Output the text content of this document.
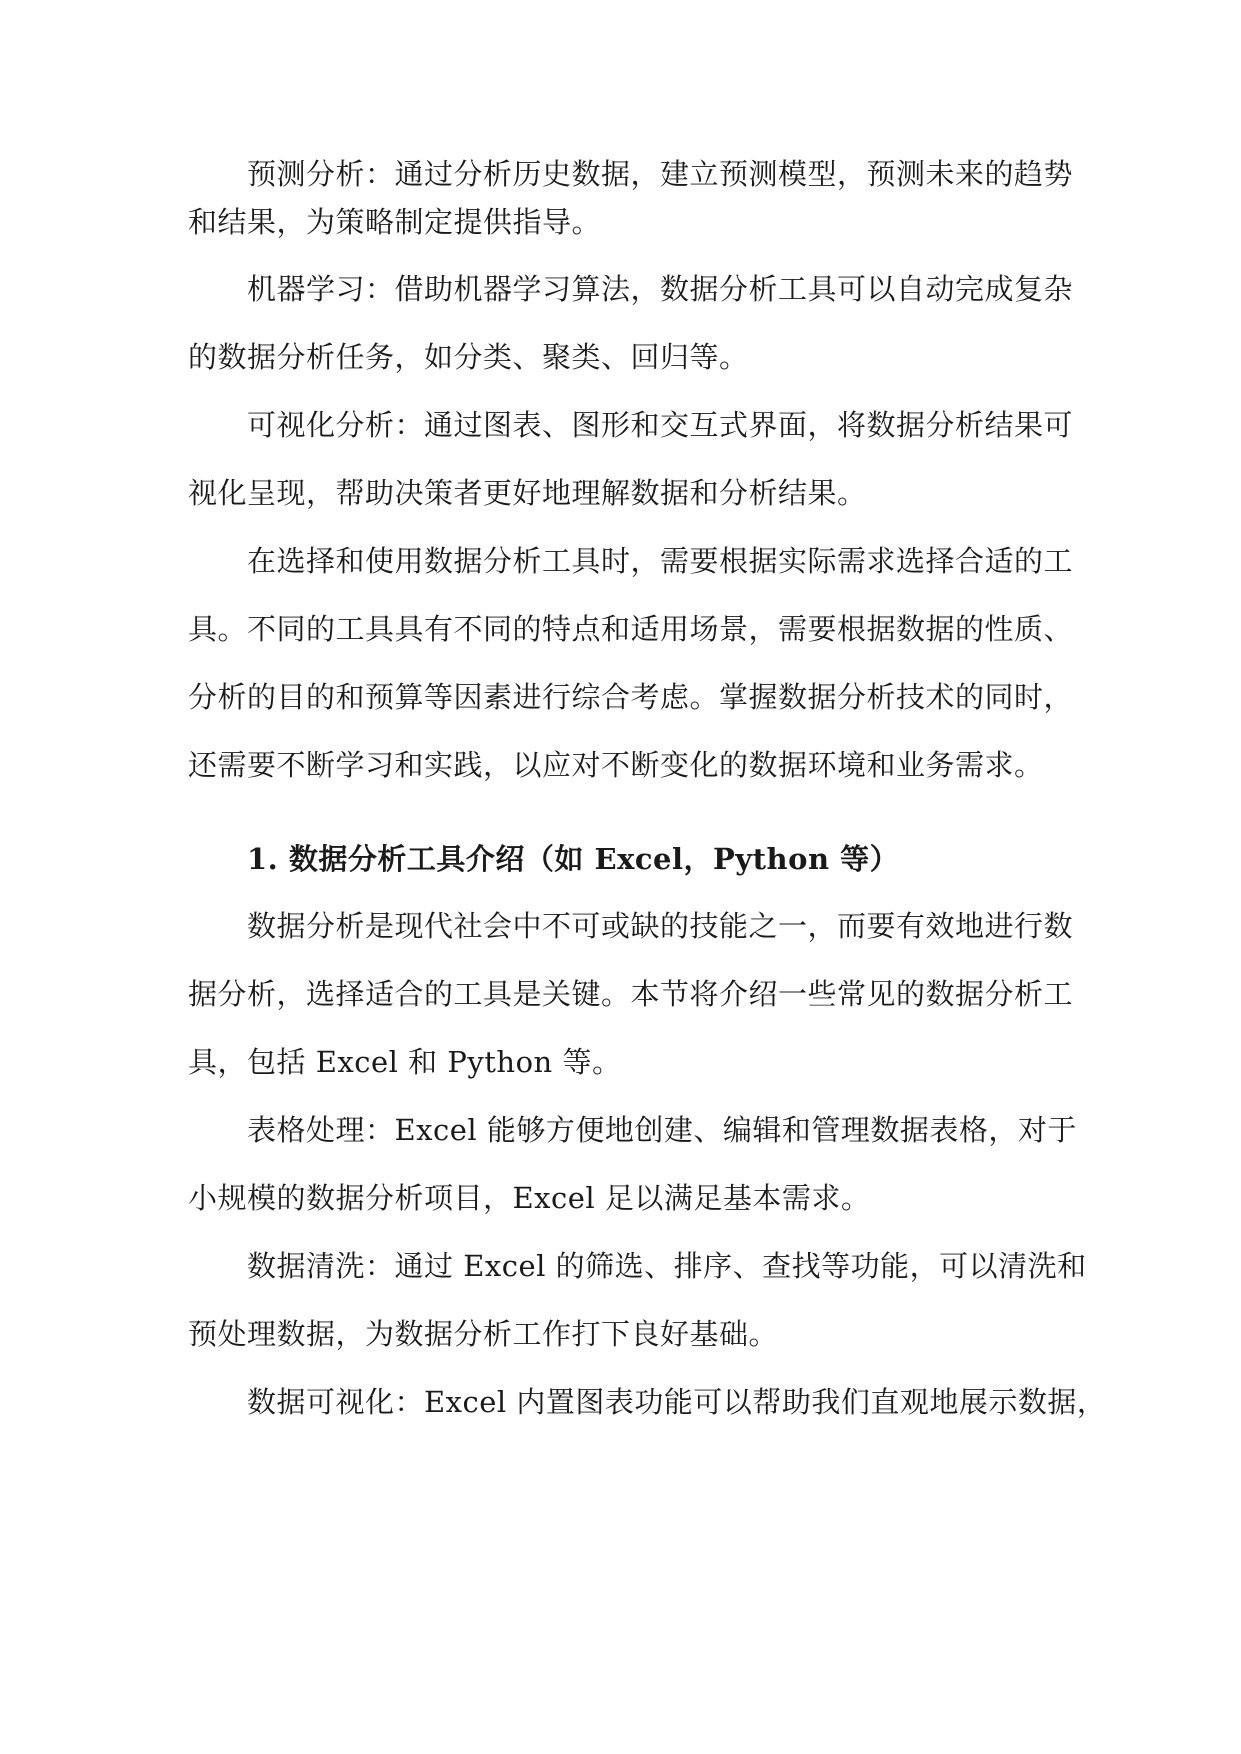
预测分析：通过分析历史数据，建立预测模型，预测未来的趋势
和结果，为策略制定提供指导。
机器学习：借助机器学习算法，数据分析工具可以自动完成复杂
的数据分析任务，如分类、聚类、回归等。
可视化分析：通过图表、图形和交互式界面，将数据分析结果可
视化呈现，帮助决策者更好地理解数据和分析结果。
在选择和使用数据分析工具时，需要根据实际需求选择合适的工
具。不同的工具具有不同的特点和适用场景，需要根据数据的性质、
分析的目的和预算等因素进行综合考虑。掌握数据分析技术的同时，
还需要不断学习和实践，以应对不断变化的数据环境和业务需求。
1. 数据分析工具介绍（如 Excel，Python 等）
数据分析是现代社会中不可或缺的技能之一，而要有效地进行数
据分析，选择适合的工具是关键。本节将介绍一些常见的数据分析工
具，包括 Excel 和 Python 等。
表格处理：Excel 能够方便地创建、编辑和管理数据表格，对于
小规模的数据分析项目，Excel 足以满足基本需求。
数据清洗：通过 Excel 的筛选、排序、查找等功能，可以清洗和
预处理数据，为数据分析工作打下良好基础。
数据可视化：Excel 内置图表功能可以帮助我们直观地展示数据，
